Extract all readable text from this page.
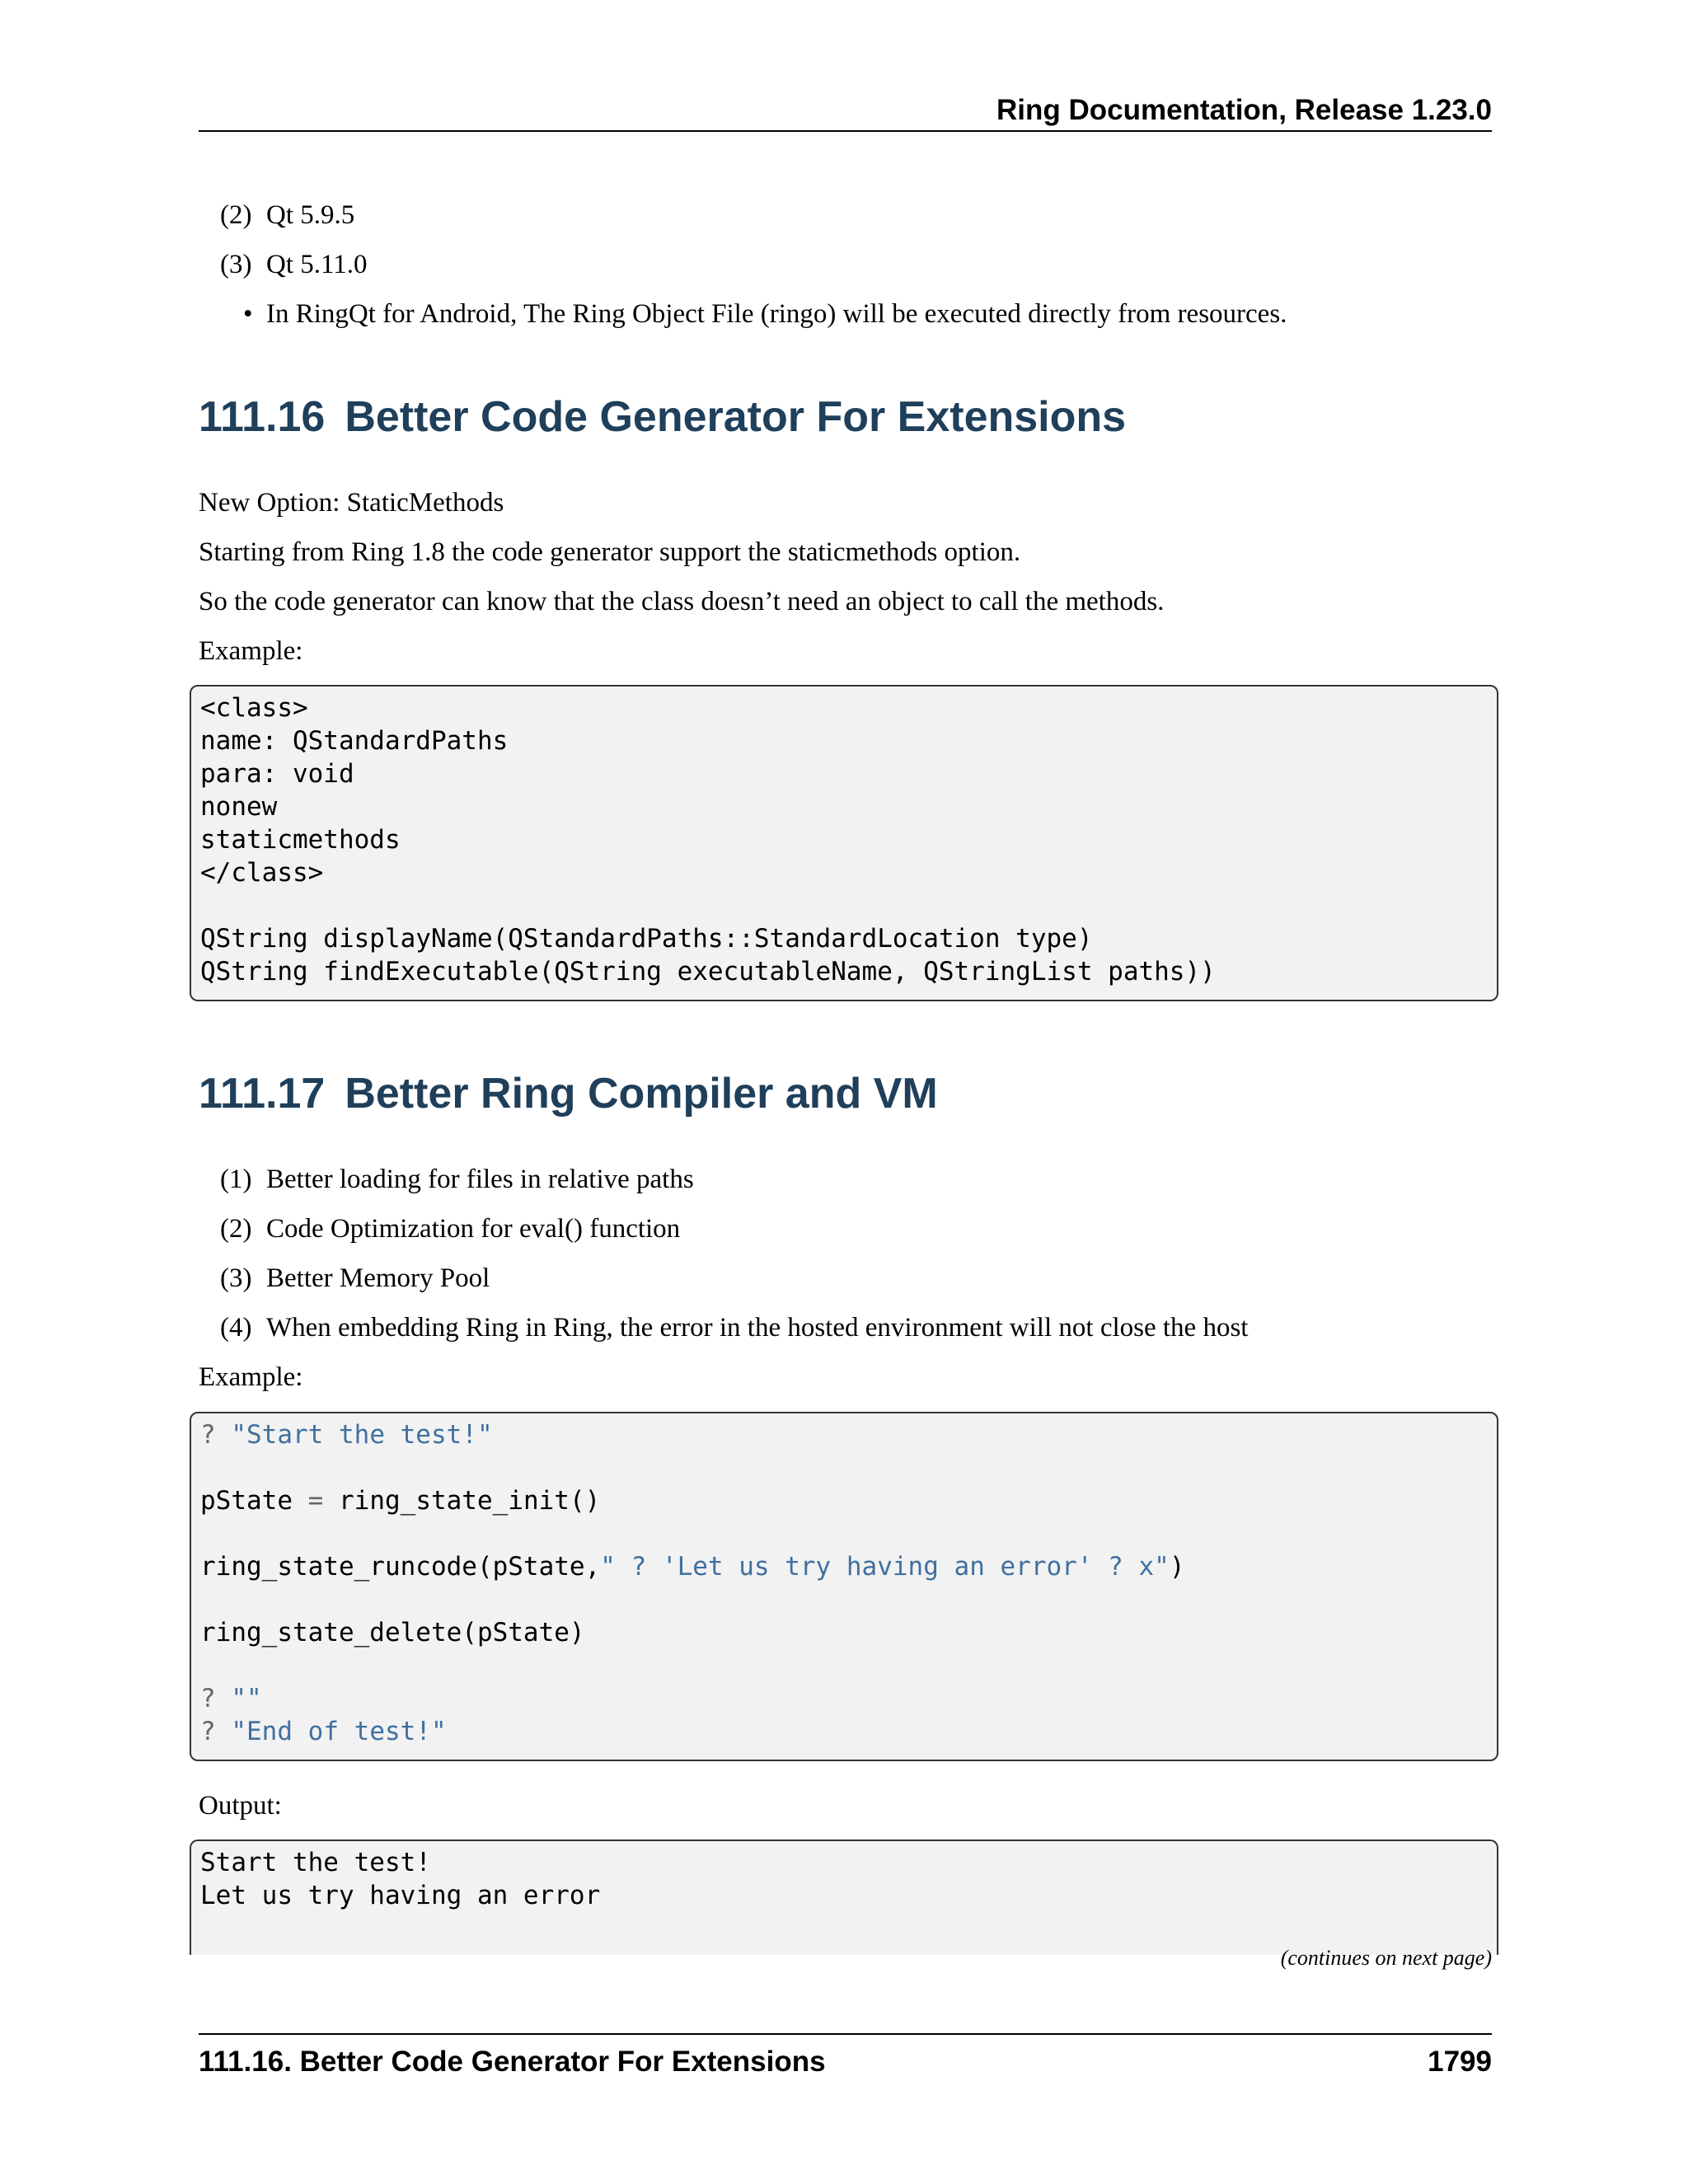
Ring Documentation, Release 1.23.0
(2) Qt 5.9.5
(3) Qt 5.11.0
• In RingQt for Android, The Ring Object File (ringo) will be executed directly from resources.
111.16 Better Code Generator For Extensions
New Option: StaticMethods
Starting from Ring 1.8 the code generator support the staticmethods option.
So the code generator can know that the class doesn’t need an object to call the methods.
Example:
<class>
name: QStandardPaths
para: void
nonew
staticmethods
</class>
QString displayName(QStandardPaths::StandardLocation type)
QString findExecutable(QString executableName, QStringList paths))
111.17 Better Ring Compiler and VM
(1) Better loading for files in relative paths
(2) Code Optimization for eval() function
(3) Better Memory Pool
(4) When embedding Ring in Ring, the error in the hosted environment will not close the host
Example:
? "Start the test!"
pState = ring_state_init()
ring_state_runcode(pState," ? 'Let us try having an error' ? x")
ring_state_delete(pState)
? ""
? "End of test!"
Output:
Start the test!
Let us try having an error
(continues on next page)
111.16. Better Code Generator For Extensions	1799
